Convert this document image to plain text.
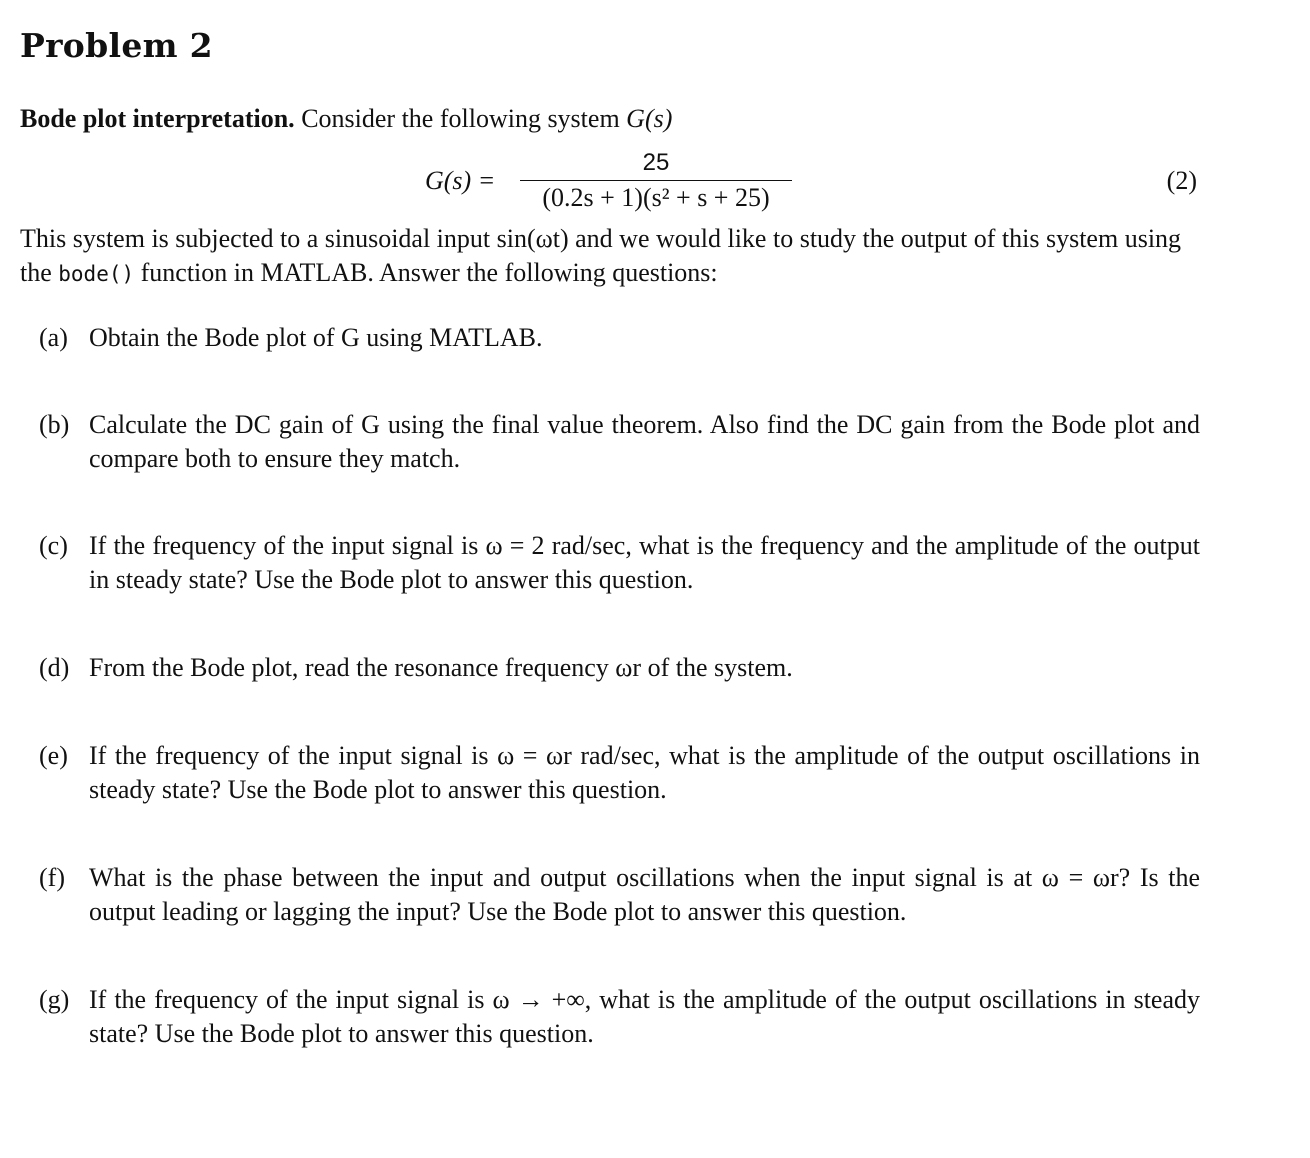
Problem 2

Bode plot interpretation. Consider the following system G(s)

G(s) =
25
(0.2s + 1)(s² + s + 25)
(2)

This system is subjected to a sinusoidal input sin(ωt) and we would like to study the output of this system using the bode() function in MATLAB. Answer the following questions:

(a) Obtain the Bode plot of G using MATLAB.
(b) Calculate the DC gain of G using the final value theorem. Also find the DC gain from the Bode plot and compare both to ensure they match.
(c) If the frequency of the input signal is ω = 2 rad/sec, what is the frequency and the amplitude of the output in steady state? Use the Bode plot to answer this question.
(d) From the Bode plot, read the resonance frequency ωr of the system.
(e) If the frequency of the input signal is ω = ωr rad/sec, what is the amplitude of the output oscillations in steady state? Use the Bode plot to answer this question.
(f) What is the phase between the input and output oscillations when the input signal is at ω = ωr? Is the output leading or lagging the input? Use the Bode plot to answer this question.
(g) If the frequency of the input signal is ω → +∞, what is the amplitude of the output oscillations in steady state? Use the Bode plot to answer this question.
